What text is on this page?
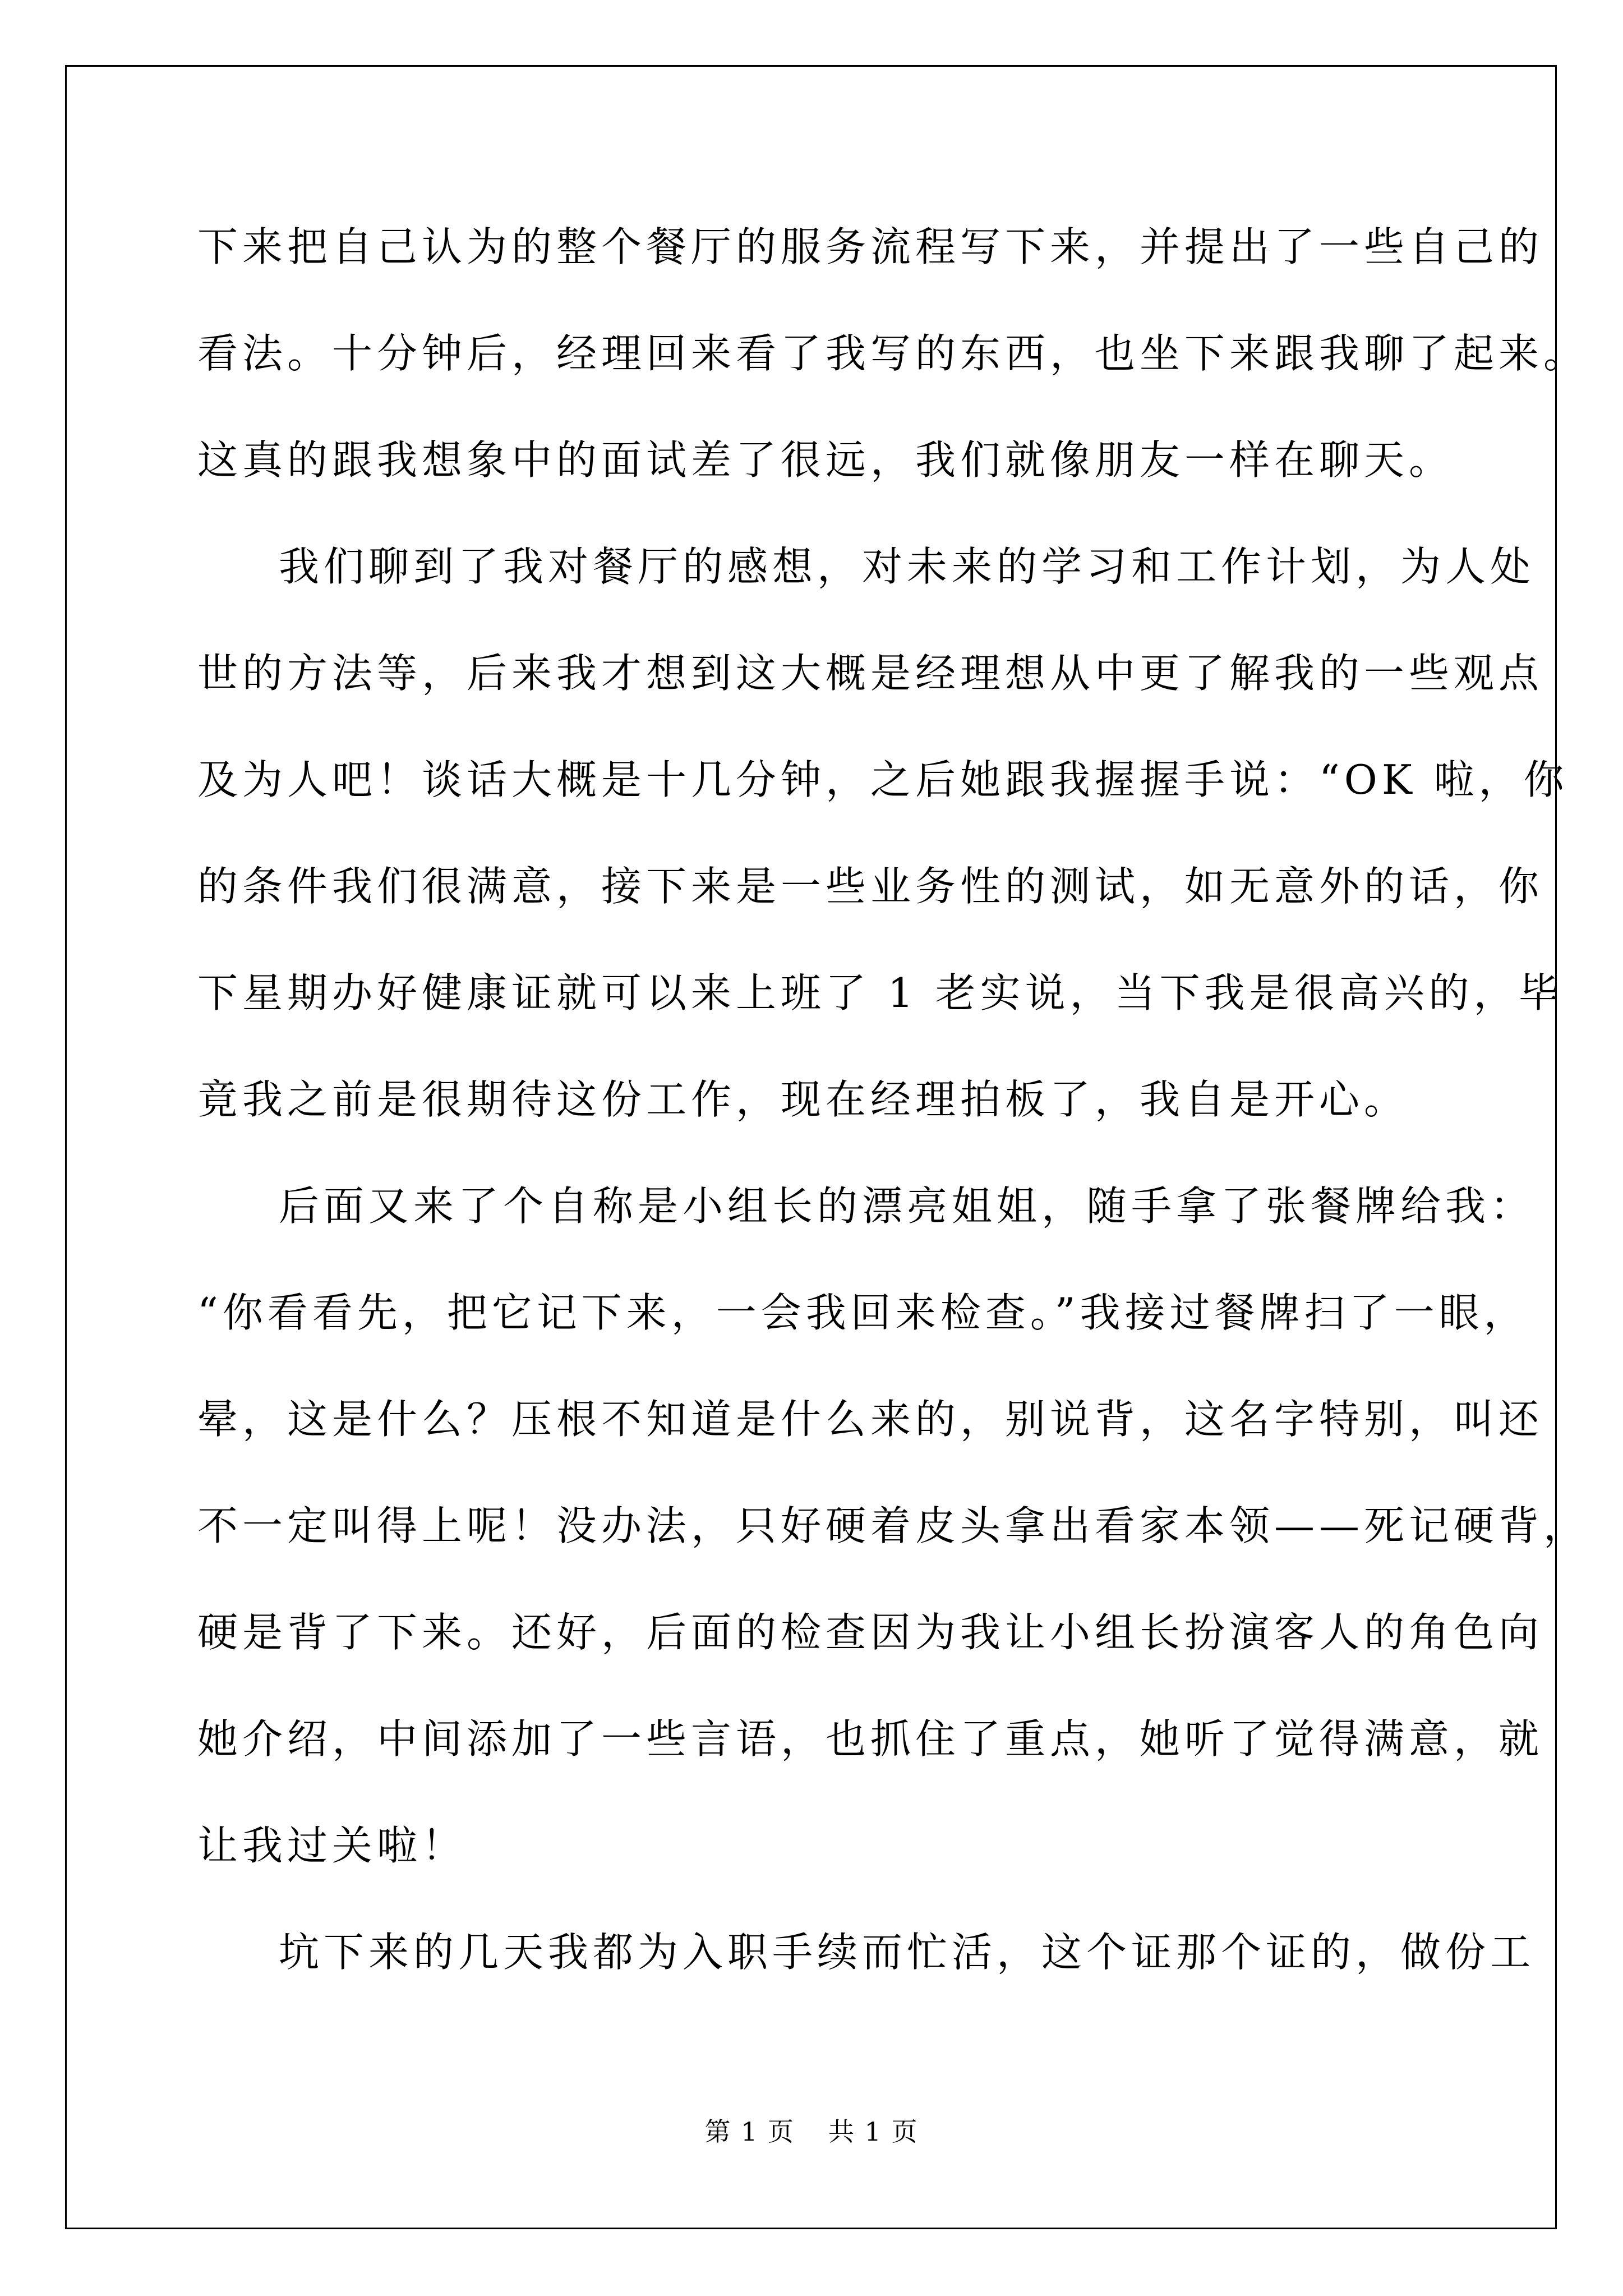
下来把自己认为的整个餐厅的服务流程写下来，并提出了一些自己的
看法。十分钟后，经理回来看了我写的东西，也坐下来跟我聊了起来。
这真的跟我想象中的面试差了很远，我们就像朋友一样在聊天。
我们聊到了我对餐厅的感想，对未来的学习和工作计划，为人处
世的方法等，后来我才想到这大概是经理想从中更了解我的一些观点
及为人吧！谈话大概是十几分钟，之后她跟我握握手说：“OK 啦，你
的条件我们很满意，接下来是一些业务性的测试，如无意外的话，你
下星期办好健康证就可以来上班了 1 老实说，当下我是很高兴的，毕
竟我之前是很期待这份工作，现在经理拍板了，我自是开心。
后面又来了个自称是小组长的漂亮姐姐，随手拿了张餐牌给我：
“你看看先，把它记下来，一会我回来检查。”我接过餐牌扫了一眼，
晕，这是什么？压根不知道是什么来的，别说背，这名字特别，叫还
不一定叫得上呢！没办法，只好硬着皮头拿出看家本领——死记硬背，
硬是背了下来。还好，后面的检查因为我让小组长扮演客人的角色向
她介绍，中间添加了一些言语，也抓住了重点，她听了觉得满意，就
让我过关啦！
坑下来的几天我都为入职手续而忙活，这个证那个证的，做份工
第 1 页 共 1 页
